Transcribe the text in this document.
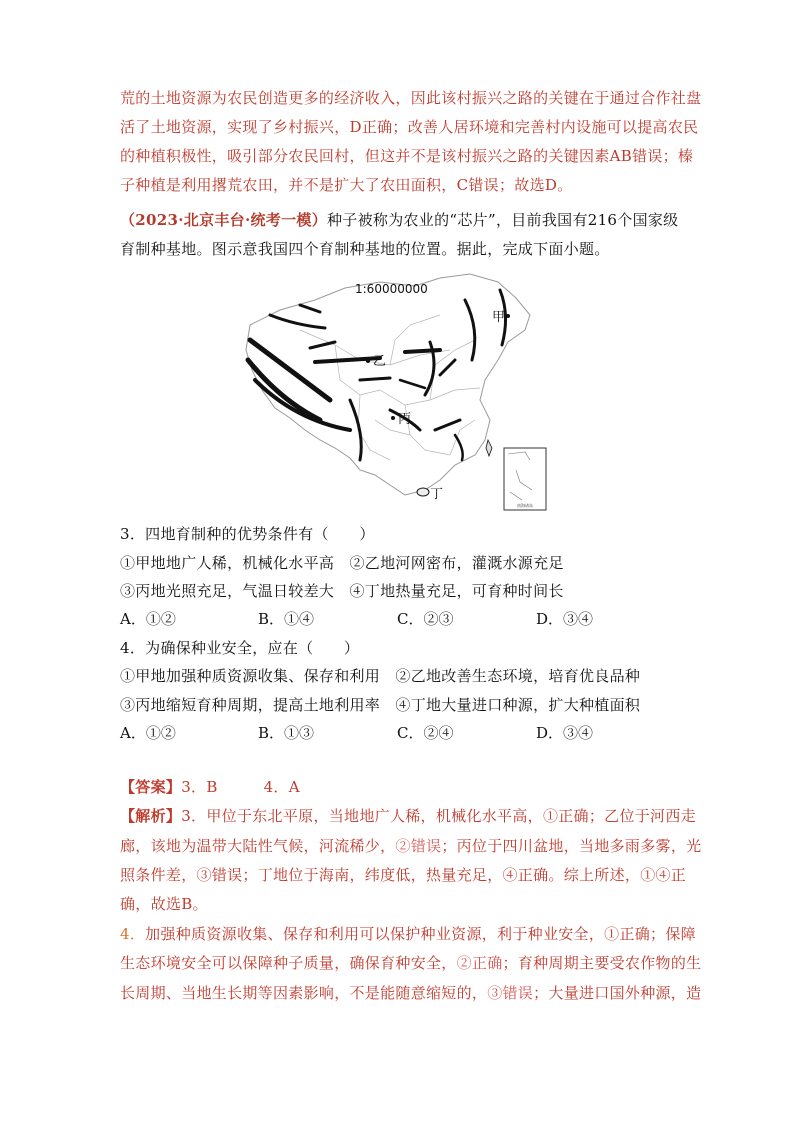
荒的土地资源为农民创造更多的经济收入，因此该村振兴之路的关键在于通过合作社盘
活了土地资源，实现了乡村振兴，D正确；改善人居环境和完善村内设施可以提高农民
的种植积极性，吸引部分农民回村，但这并不是该村振兴之路的关键因素AB错误；榛
子种植是利用撂荒农田，并不是扩大了农田面积，C错误；故选D。
（2023·北京丰台·统考一模）种子被称为农业的“芯片”，目前我国有216个国家级
育制种基地。图示意我国四个育制种基地的位置。据此，完成下面小题。
1:60000000
甲
乙
丙
丁
南海诸岛
3．四地育制种的优势条件有（　　）
①甲地地广人稀，机械化水平高　②乙地河网密布，灌溉水源充足
③丙地光照充足，气温日较差大　④丁地热量充足，可育种时间长
A．①②	B．①④	C．②③	D．③④
4．为确保种业安全，应在（　　）
①甲地加强种质资源收集、保存和利用　②乙地改善生态环境，培育优良品种
③丙地缩短育种周期，提高土地利用率　④丁地大量进口种源，扩大种植面积
A．①②	B．①③	C．②④	D．③④
【答案】3．B　　　4．A
【解析】3．甲位于东北平原，当地地广人稀，机械化水平高，①正确；乙位于河西走
廊，该地为温带大陆性气候，河流稀少，②错误；丙位于四川盆地，当地多雨多雾，光
照条件差，③错误；丁地位于海南，纬度低，热量充足，④正确。综上所述，①④正
确，故选B。
4．加强种质资源收集、保存和利用可以保护种业资源，利于种业安全，①正确；保障
生态环境安全可以保障种子质量，确保育种安全，②正确；育种周期主要受农作物的生
长周期、当地生长期等因素影响，不是能随意缩短的，③错误；大量进口国外种源，造
